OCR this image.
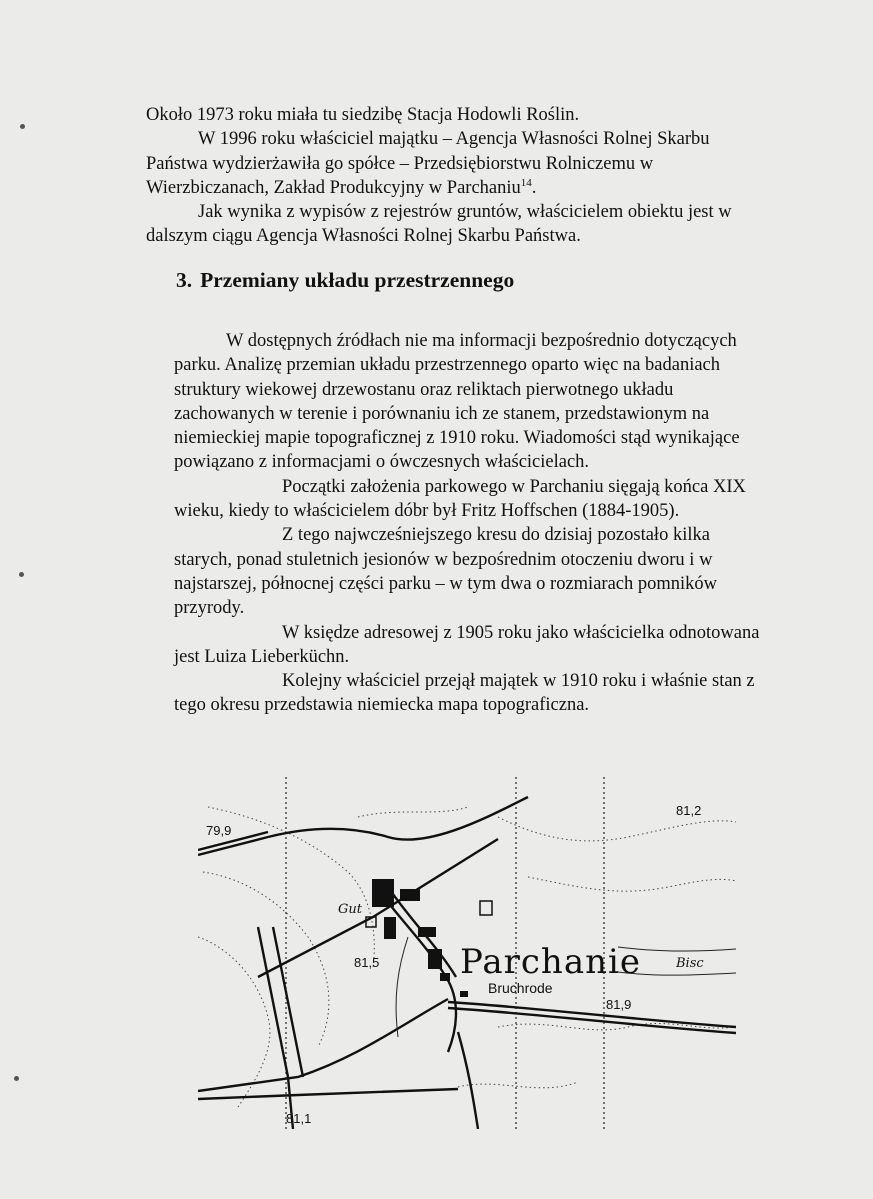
Około 1973 roku miała tu siedzibę Stacja Hodowli Roślin.

W 1996 roku właściciel majątku – Agencja Własności Rolnej Skarbu Państwa wydzierżawiła go spółce – Przedsiębiorstwu Rolniczemu w Wierzbiczanach, Zakład Produkcyjny w Parchaniu$^{14}$.

Jak wynika z wypisów z rejestrów gruntów, właścicielem obiektu jest w dalszym ciągu Agencja Własności Rolnej Skarbu Państwa.

3. Przemiany układu przestrzennego

W dostępnych źródłach nie ma informacji bezpośrednio dotyczących parku. Analizę przemian układu przestrzennego oparto więc na badaniach struktury wiekowej drzewostanu oraz reliktach pierwotnego układu zachowanych w terenie i porównaniu ich ze stanem, przedstawionym na niemieckiej mapie topograficznej z 1910 roku. Wiadomości stąd wynikające powiązano z informacjami o ówczesnych właścicielach.

Początki założenia parkowego w Parchaniu sięgają końca XIX wieku, kiedy to właścicielem dóbr był Fritz Hoffschen (1884-1905).

Z tego najwcześniejszego kresu do dzisiaj pozostało kilka starych, ponad stuletnich jesionów w bezpośrednim otoczeniu dworu i w najstarszej, północnej części parku – w tym dwa o rozmiarach pomników przyrody.

W księdze adresowej z 1905 roku jako właścicielka odnotowana jest Luiza Lieberküchn.

Kolejny właściciel przejął majątek w 1910 roku i właśnie stan z tego okresu przedstawia niemiecka mapa topograficzna.

79,9
81,2
81,5
81,9
81,1
Gut
Bisc
Parchanie
Bruchrode
